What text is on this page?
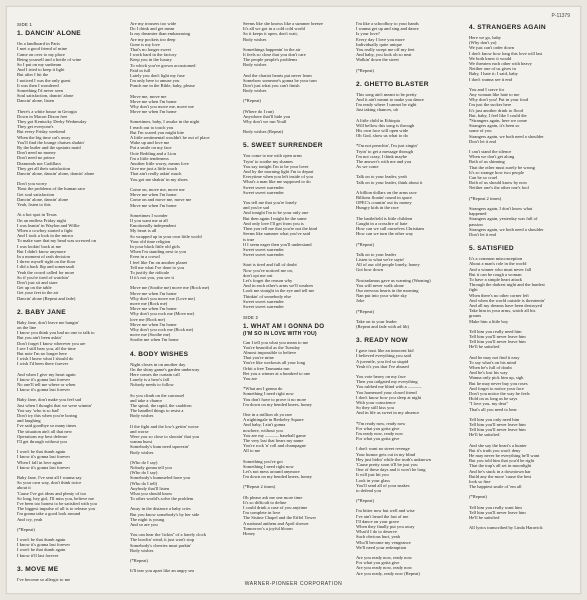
P-11379
SIDE 1
1. DANCIN' ALONE
On a landboard in Paris
I met a good friend of mine
Came on over to my place
Being yourself and a bottle of wine
So I put on my sunbeam
And I tried to keep it light
But after I hit the
I noticed I was the only guest
It was then I wondered
Something I'd never seen
Soul satisfaction, dancin' alone
Dancin' alone, listen
There's a white house in Georgia
Down in Macon Dixon free
They got Kentucky Derby Wednesday
They get everyone's
But every Friday weekend
When the big time cat's away
You'll find the lounge chaises shakin'
By the butler and the upstairs maid
Don't need no money
Don't need no prince
Diamonds nor Cadillacs
They get all their satisfaction
Dancin' alone, dancin' alone, dancin' alone
Don't you worry
'Bout the problems of the human race
Get soul satisfaction
Dancin' alone, dancin' alone
Yeah, listen to this
At a hot spot in Texas
On an endless Friday night
I was leanin' in Waylon and Willie
When a cowboy started a fight
And I took a look in the mirror
To make sure that my head was screwed on
I was lookin' back at me
But I didn't know anymore
In a moment of rash decision
I threw myself right on the floor
I did a back flip and somersault
Yeah the crowd called for more
So if you're tired of watchin'
Don't just sit and stare
Get up on the table
Get your feet in the air
Dancin' alone (Repeat and fade)
2. BABY JANE
Baby Jane, don't leave me hangin'
on the line
I know you think you had no one to talk to
But you ain't been askin'
Don't forget I know wherever you are
I see I still hear you, all the time
But note I'm no longer here
I wish I knew what I should do
I wish I'd been there forever
And when I give my heart again
I know it's gonna last forever
No one'll tell me where or when
I know it's gonna last forever
Baby Jane, don't make you feel sad
Just when I thought that we were winnin'
You say 'who is so bad'
Don't try this when you're boring
and laughing
I've said goodbye so many times
The situation ain't all that new
Operations my best defense
I'll get through without you
I won't be that dumb again
I know it's gonna last forever
When I fall in love again
I know it's gonna last forever
Baby Jane, I've sent all I wanna say
So your own way, don't think twice
about it
'Cause I've got ideas and plenty of too
So long, hey girl, I'll miss you, believe me
I've been too honest to be satisfied with you
The biggest impulse of all is to release you
I'm gonna take a good look around
And cry, yeah
(*Repeat)
I won't be that dumb again
I know it's gonna last forever
I won't be that dumb again
I know it'll last forever
3. MOVE ME
I've become so allergic to me
Are my trousers too wide
Do I drink and get mean
Is my dreamier than embarrasing
Are my pockets too deep
Gone is my love
That's no longer sweet
I work hard in the factory
Keep you in the luxury
To which you've grown accustomed
Paid in full
Lately you don't light my fuse
I'm only here to amuse you
Punch me in the Bible, baby, please
Move me, move me
Move me when I'm home
Why don't you move me, move me
Move me when I'm home
Sometimes, baby, I awake in the night
I reach out to touch you
But I'm scared you might bite
A little sentimental wouldn't be out of place
Wake up and love me
Put a smile on my face
Ooie Redding and a Lion
I'm a little tenderness
Another little worry, means love
Give me just a little touch
That ain't really askin' much
You got me shakin' in my shoes
Come on, move me, move me
Move me when I'm home
Come on and move me, move me
Move me when I'm home
Sometimes I wonder
If you want me at all
Emotionally independent
My heart is all
So wrapped up in your own little world
Your old time religion
In your black little old girls
When I'm standing next to you
Even in a crowd
I feel like I'm on another planet
Tell me what I've done to you
To justify the ridicule
If it's not you, you see it
Move me (Soothe me) move me (Rock me)
Move me when I'm home
Why don't you move me (Love me)
move me (Rock me)
Move me when I'm home
Why don't you rock me (Move me)
love me (Rock me)
Move me when I'm home
Why don't you rock me (Rock me)
move me (Soothe me)
Soothe me when I'm home
4. BODY WISHES
Night closes in on another day
On the shiny game's garden underway
Here comes the curtain call
Lonely is a hero's fall
Nobody needs to follow
So you climb on the carrousel
and take a chance
The spiral, the rapid, the cauldron
The handled things to resist a
Body wishes
If the fight and the low's gettin' worse
and worse
Were you so close to shootin' that you
wanna burst
Somebody's bum need squeezin'
Body wishes
(Who do I say)
Nobody gonna tell you
(Who do I say)
Somebody's bummeled have you
(Who do I tell)
Anybody that'll listen
What you should know
To other world's solve the problem
Away in the distance a baby cries
But you know somebody's by her side
The night is young
And so are you
You can hear the 'tickin'' of a lonely clock
The howlin' wind, it just won't stop
Somebody's cherries must parkin'
Body wishes
(*Repeat)
It'll tear you apart like an angry sea
Seems like she knows like a summer breeze
It's all we got in a cold cold world
So it keeps it open, don't wait,
Body wishes
Somethings happenin' in the air
It feels so close that you don't care
The people people's problems
Body wishes
And the chariot hearts put never learn
Somehow someone's gonna be your turn
Don't just what you can't finish
Body wishes
(*Repeat)
(Where do I run)
Anywhere that'll hide you
Why don't we run Youll
Body wishes (Repeat)
5. SWEET SURRENDER
You come to me with open arms
Tryin' to soothe my shames
You say tonight I'm to be your lover
And by the morning light I'm to depart
Everytime when you left inside of you
What's a man like me supposed to do
Sweet sweet surrender
Sweet sweet surrender
You tell me that you're lonely
and you're sad
And tonight I'm to be your only one
But then again I might be the same
And only love I'll get from you is
Then you tell me that you're not the kind
Seems like summer what you've said
is true
If I seem eager then you'll understand
Sweet sweet surrender
Sweet sweet surrender
Start is tired and full of doubt
Now you've noticed me on,
don't opt me out
Let's forget the reason why
And in each other's arms we'll weaken
Look me straight in the eye and tell me
Thinkin' of somebody else
Sweet sweet surrender
Sweet sweet surrender
SIDE 2
1. WHAT AM I GONNA DO
(I'M SO IN LOVE WITH YOU)
Can I tell you what you mean to me
You're beautiful as the Tuesday
Almost impossible to believe
That you're mine
You're like workouts all your long
Orbit a free Tasmania run
Bet you a winner at a hundred to one
You are
*What am I gonna do
Something I need right now
You don't have to prove it no more
I'm down on my bended knees, honey
One in a million oh ya rare
A nightingale in Berkeley Square
And baby, I ain't gonna
nowhere, without you
You are my ——— baseball game
The very last that bears my name
You're rock 'n' roll and champagne
All to me
Something you've got
Something I need right now
Let's not mess around anymore
I'm down on my bended knees, honey
(*Repeat 2 times)
Oh please ask me one more time
It's so difficult to define
I could drink a case of you anytime
I'm complete in love
The Sistine Chapel and the Eiffel Tower
A national anthem and April shower
Tomorrow's a joyful bloom
Honey
I'm like a schoolboy to your hands
I wanna get up and sing and dance
Is your love?
Every day I love you more
Individually quite unique
You really swept me off my feet
And baby, you look oh so neat
Walkin' down the street
(*Repeat)
2. GHETTO BLASTER
This song ain't meant to be pretty
And it ain't meant to make you dance
I'm ready where I cannot be right
Just taking chances, uh
A little child in Ethiopia
Will bellow this song is through
His own face will open wide
Oh God, show us what to do
*I'm not preachin', I'm just singin'
Tryin' to get a message through
I'm not crazy, I think maybe
The answer's with me and you
As we come
Talk on to your leader, yeah
Talk on to your leader, think about it
A billion dollars on the arms race
Billions floatin' round in space
OPEC's countin' out its money
Hungry kids in the race
The battlefield is little children
Caught in a crossfire of hate
How can we call ourselves Christians
How can we turn the other way
(*Repeat)
Talk on to your leader
Listen to what we're sayin'
All of our old people lonely, honey
Got bow down
Nostradamus gave us warning (Warning)
You will never walk alone
Our nervous hearts in the morning
Nan put into your white sky
Joke
(*Repeat)
Take on to your leader
(Repeat and fade with ad lib)
3. READY NOW
I gave trust like an innocent kid
I believed everything you said
A juvenile, you fed so stupid
Yeah it's you that I've abused
You vote heavy on my face
Then you tailgated my everything
You rubbed me blind with a ———
You harnessed your closed friend
I don't know how you sleep at night
With your conscience
So they still kiss you
And in life as sweet in my absence
*I'm ready now, ready now
For what you gotta give
I'm ready now, ready now
For what you gotta give
I don't want no street revenge
Your humor gets cut in my blind
Hey just hidin' while the truth's unknown
'Cause pretty soon it'll be just you
One of these days and it won't be long
It will just hit you
Look in your glass
You'll send all of your snakes
to defend you
(*Repeat)
I'm bitter now but well and wise
I've ain't heard the last of me
I'll dance on your grave
When they finally put you away
What'd I do to deserve
Such obvious hurt, yeah
Who'll become my vengeance
We'll need your redemption
Are you ready now, ready now
For what you gotta give
Are you ready now, ready now
Are you ready, ready now (Repeat)
4. STRANGERS AGAIN
Here we go, baby
(Why don't ya)
We just can't order down
I don't know how long this love will last
We both knew it would
We threaten each other with heavy
Neither one of us gives in
Baby, I hate it; I said, baby
I don't wanna see it end
You and I crave for
Any woman like hate to me
Why don't you! Put in your food
I'm just the sucker here
It's just another drink to flood
But, baby, I feel like I could die
*Strangers again, here we come
Strangers again, it's been so
some of you
Strangers again, we both need a shoulder
Don't let it end
I can't stand the silence
When we don't get along
Both of us shinning
That the other must surely be wrong
It's so strange how two people
Can be so cruel
Both of us should know by now
Neither one's the other one's fool
(*Repeat 2 times)
Strangers again, I don't know what
happened
Strangers again, yesterday was full of
passion
Strangers again, we both need a shoulder
Don't let it end
5. SATISFIED
It's a common misconception
About a man's role in the world
And a winner who must never fall
But it can be rough a woman
To have a simple heart attack
Through the darkest night and the hardest
fight
When there's no other corner left
And when the world outside is threatenin'
And all my dreams have been destroyed
Take him in your arms, watch all his
groans
Make him a little boy
Tell him you really need him
Tell him you'll never leave him
Tell him you'll never leave him
He'll be satisfied
And he may not find it easy
To say what's on his mind
When he's full of doubt
And he's lost his way
Wanna only pick him up, sigh
But he may never buy you roses
And forget to notice your face
Don't you notice the way he feels
Hold on as long as he says
"I love you, my dear"
That's all you need to hear
Tell him you only need him
Tell him you'll never leave him
Tell him you'll never leave him
He'll be satisfied
And she say the heart's a hunter
But it's truth you won't deny
He may never be everything he'll want
But you told him that you'd be right
That the trap's all set in moonlight
And he's stuck in a downtown bar
Build any the more 'cause the best
look so fine
The happiest smile of 'em all
(*Repeat)
Tell him you really want him
Tell him you'll never leave him
He'll be satisfied
All lyrics transcribed by Linda Haravick
WARNER-PIONEER CORPORATION
